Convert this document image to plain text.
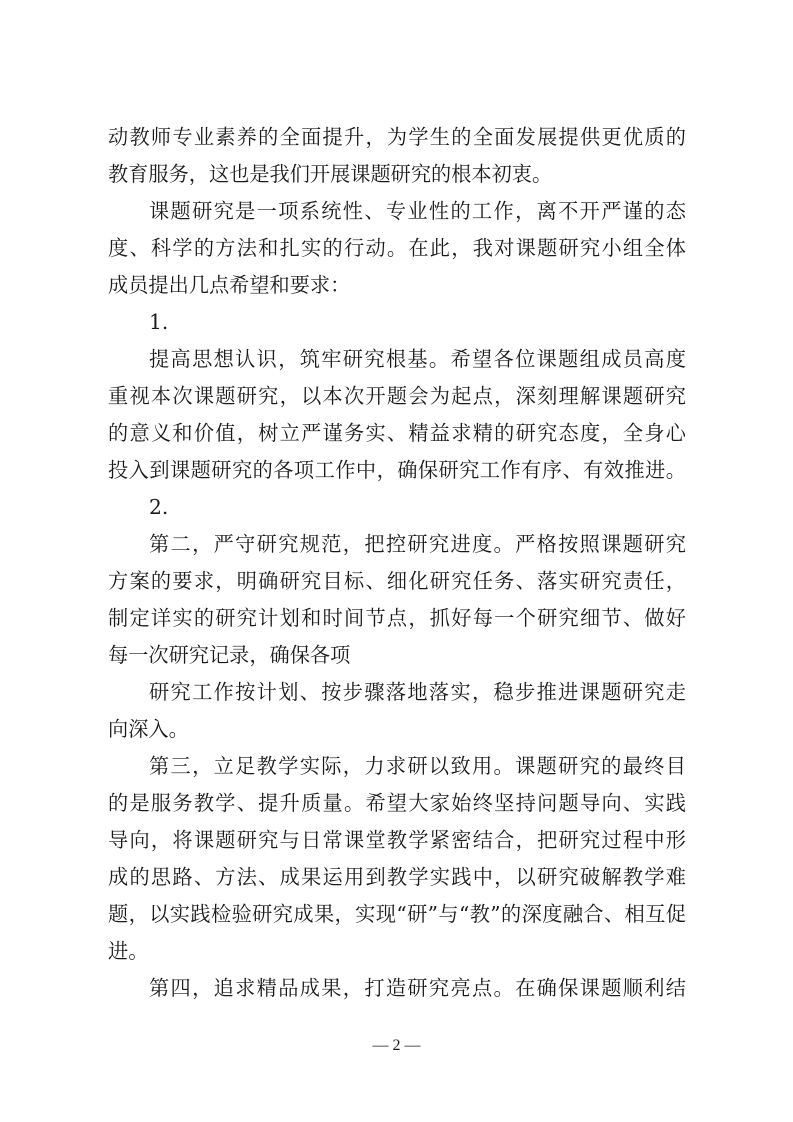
动教师专业素养的全面提升，为学生的全面发展提供更优质的
教育服务，这也是我们开展课题研究的根本初衷。
课题研究是一项系统性、专业性的工作，离不开严谨的态
度、科学的方法和扎实的行动。在此，我对课题研究小组全体
成员提出几点希望和要求：
1.
提高思想认识，筑牢研究根基。希望各位课题组成员高度
重视本次课题研究，以本次开题会为起点，深刻理解课题研究
的意义和价值，树立严谨务实、精益求精的研究态度，全身心
投入到课题研究的各项工作中，确保研究工作有序、有效推进。
2.
第二，严守研究规范，把控研究进度。严格按照课题研究
方案的要求，明确研究目标、细化研究任务、落实研究责任，
制定详实的研究计划和时间节点，抓好每一个研究细节、做好
每一次研究记录，确保各项
研究工作按计划、按步骤落地落实，稳步推进课题研究走
向深入。
第三，立足教学实际，力求研以致用。课题研究的最终目
的是服务教学、提升质量。希望大家始终坚持问题导向、实践
导向，将课题研究与日常课堂教学紧密结合，把研究过程中形
成的思路、方法、成果运用到教学实践中，以研究破解教学难
题，以实践检验研究成果，实现“研”与“教”的深度融合、相互促
进。
第四，追求精品成果，打造研究亮点。在确保课题顺利结
— 2 —
